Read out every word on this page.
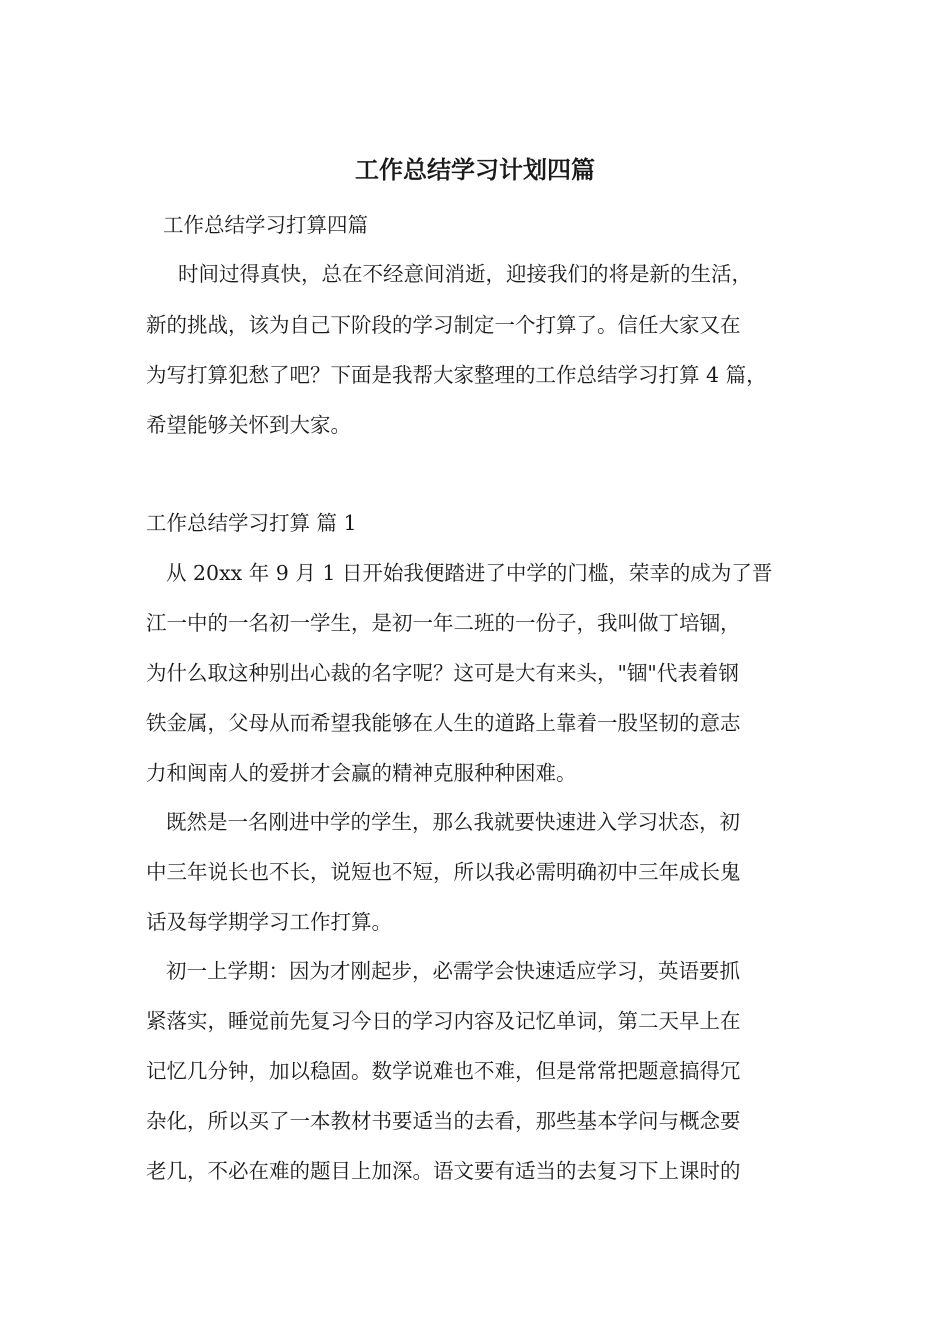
工作总结学习计划四篇
工作总结学习打算四篇
时间过得真快，总在不经意间消逝，迎接我们的将是新的生活，
新的挑战，该为自己下阶段的学习制定一个打算了。信任大家又在
为写打算犯愁了吧？下面是我帮大家整理的工作总结学习打算 4 篇，
希望能够关怀到大家。
工作总结学习打算 篇 1
从 20xx 年 9 月 1 日开始我便踏进了中学的门槛，荣幸的成为了晋
江一中的一名初一学生，是初一年二班的一份子，我叫做丁培锢，
为什么取这种别出心裁的名字呢？这可是大有来头，"锢"代表着钢
铁金属，父母从而希望我能够在人生的道路上靠着一股坚韧的意志
力和闽南人的爱拼才会赢的精神克服种种困难。
既然是一名刚进中学的学生，那么我就要快速进入学习状态，初
中三年说长也不长，说短也不短，所以我必需明确初中三年成长鬼
话及每学期学习工作打算。
初一上学期：因为才刚起步，必需学会快速适应学习，英语要抓
紧落实，睡觉前先复习今日的学习内容及记忆单词，第二天早上在
记忆几分钟，加以稳固。数学说难也不难，但是常常把题意搞得冗
杂化，所以买了一本教材书要适当的去看，那些基本学问与概念要
老几，不必在难的题目上加深。语文要有适当的去复习下上课时的
